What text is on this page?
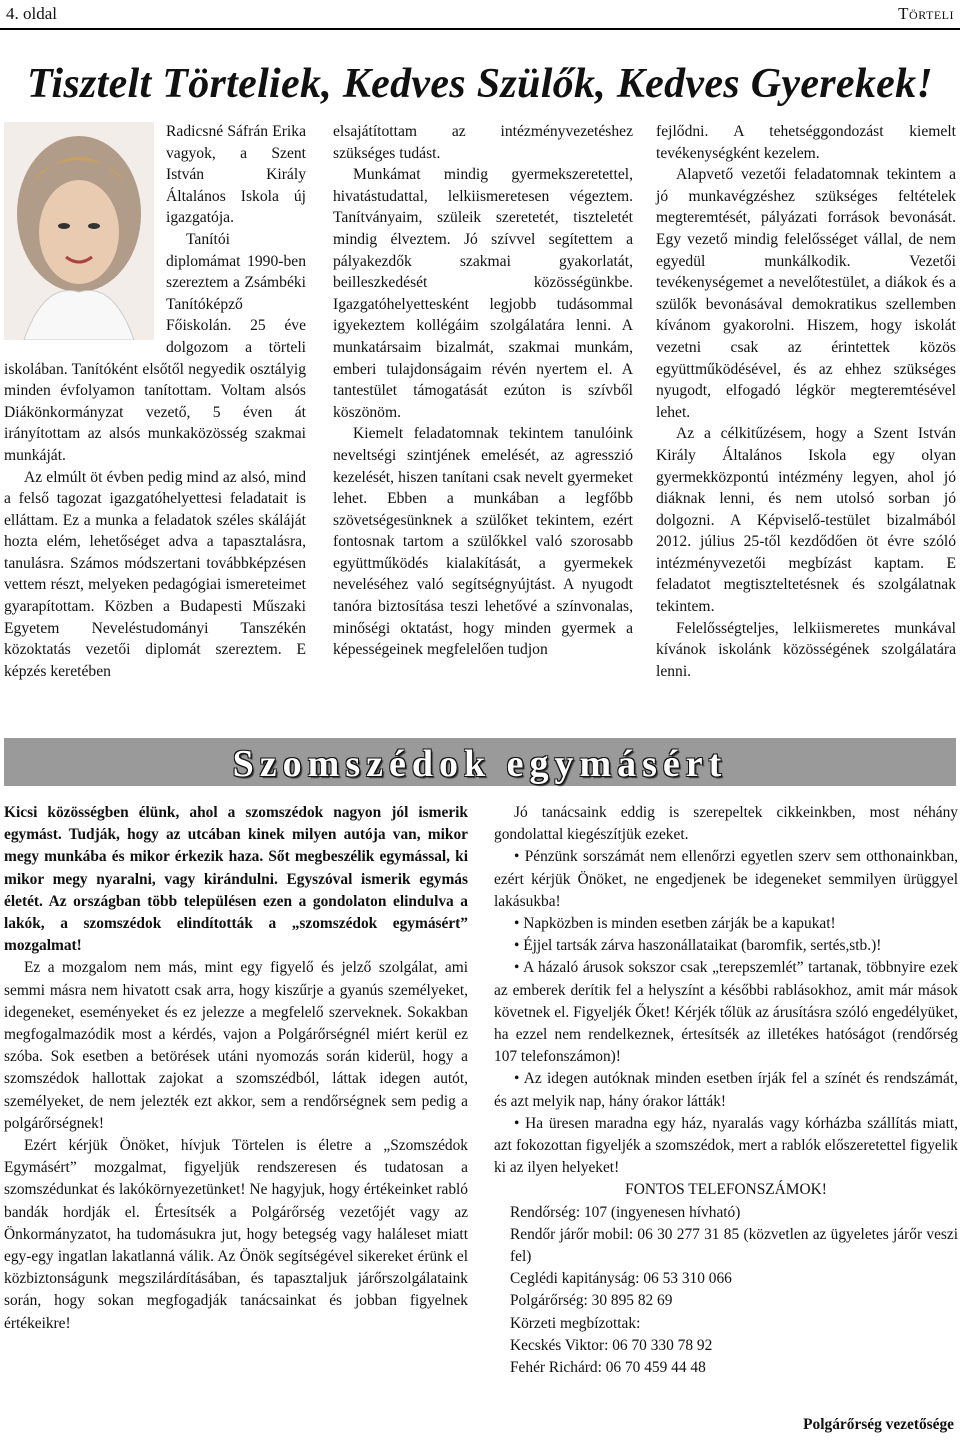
4. oldal	Törteli
Tisztelt Törteliek, Kedves Szülők, Kedves Gyerekek!

Radicsné Sáfrán Erika vagyok, a Szent István Király Általános Iskola új igazgatója.

Tanítói diplomámat 1990-ben szereztem a Zsámbéki Tanítóképző Főiskolán. 25 éve dolgozom a törteli iskolában. Tanítóként elsőtől negyedik osztályig minden évfolyamon tanítottam. Voltam alsós Diákönkormányzat vezető, 5 éven át irányítottam az alsós munkaközösség szakmai munkáját.

Az elmúlt öt évben pedig mind az alsó, mind a felső tagozat igazgatóhelyettesi feladatait is elláttam. Ez a munka a feladatok széles skáláját hozta elém, lehetőséget adva a tapasztalásra, tanulásra. Számos módszertani továbbképzésen vettem részt, melyeken pedagógiai ismereteimet gyarapítottam. Közben a Budapesti Műszaki Egyetem Neveléstudományi Tanszékén közoktatás vezetői diplomát szereztem. E képzés keretében

elsajátítottam az intézményvezetéshez szükséges tudást.

Munkámat mindig gyermekszeretettel, hivatástudattal, lelkiismeretesen végeztem. Tanítványaim, szüleik szeretetét, tiszteletét mindig élveztem. Jó szívvel segítettem a pályakezdők szakmai gyakorlatát, beilleszkedését közösségünkbe. Igazgatóhelyettesként legjobb tudásommal igyekeztem kollégáim szolgálatára lenni. A munkatársaim bizalmát, szakmai munkám, emberi tulajdonságaim révén nyertem el. A tantestület támogatását ezúton is szívből köszönöm.

Kiemelt feladatomnak tekintem tanulóink neveltségi szintjének emelését, az agresszió kezelését, hiszen tanítani csak nevelt gyermeket lehet. Ebben a munkában a legfőbb szövetségesünknek a szülőket tekintem, ezért fontosnak tartom a szülőkkel való szorosabb együttműködés kialakítását, a gyermekek neveléséhez való segítségnyújtást. A nyugodt tanóra biztosítása teszi lehetővé a színvonalas, minőségi oktatást, hogy minden gyermek a képességeinek megfelelően tudjon

fejlődni. A tehetséggondozást kiemelt tevékenységként kezelem.

Alapvető vezetői feladatomnak tekintem a jó munkavégzéshez szükséges feltételek megteremtését, pályázati források bevonását. Egy vezető mindig felelősséget vállal, de nem egyedül munkálkodik. Vezetői tevékenységemet a nevelőtestület, a diákok és a szülők bevonásával demokratikus szellemben kívánom gyakorolni. Hiszem, hogy iskolát vezetni csak az érintettek közös együttműködésével, és az ehhez szükséges nyugodt, elfogadó légkör megteremtésével lehet.

Az a célkitűzésem, hogy a Szent István Király Általános Iskola egy olyan gyermekközpontú intézmény legyen, ahol jó diáknak lenni, és nem utolsó sorban jó dolgozni. A Képviselő-testület bizalmából 2012. július 25-től kezdődően öt évre szóló intézményvezetői megbízást kaptam. E feladatot megtiszteltetésnek és szolgálatnak tekintem.

Felelősségteljes, lelkiismeretes munkával kívánok iskolánk közösségének szolgálatára lenni.

Szomszédok egymásért

Kicsi közösségben élünk, ahol a szomszédok nagyon jól ismerik egymást. Tudják, hogy az utcában kinek milyen autója van, mikor megy munkába és mikor érkezik haza. Sőt megbeszélik egymással, ki mikor megy nyaralni, vagy kirándulni. Egyszóval ismerik egymás életét. Az országban több településen ezen a gondolaton elindulva a lakók, a szomszédok elindították a „szomszédok egymásért” mozgalmat!

Ez a mozgalom nem más, mint egy figyelő és jelző szolgálat, ami semmi másra nem hivatott csak arra, hogy kiszűrje a gyanús személyeket, idegeneket, eseményeket és ez jelezze a megfelelő szerveknek. Sokakban megfogalmazódik most a kérdés, vajon a Polgárőrségnél miért kerül ez szóba. Sok esetben a betörések utáni nyomozás során kiderül, hogy a szomszédok hallottak zajokat a szomszédból, láttak idegen autót, személyeket, de nem jelezték ezt akkor, sem a rendőrségnek sem pedig a polgárőrségnek!

Ezért kérjük Önöket, hívjuk Törtelen is életre a „Szomszédok Egymásért” mozgalmat, figyeljük rendszeresen és tudatosan a szomszédunkat és lakókörnyezetünket! Ne hagyjuk, hogy értékeinket rabló bandák hordják el. Értesítsék a Polgárőrség vezetőjét vagy az Önkormányzatot, ha tudomásukra jut, hogy betegség vagy haláleset miatt egy-egy ingatlan lakatlanná válik. Az Önök segítségével sikereket érünk el közbiztonságunk megszilárdításában, és tapasztaljuk járőrszolgálataink során, hogy sokan megfogadják tanácsainkat és jobban figyelnek értékeikre!

Jó tanácsaink eddig is szerepeltek cikkeinkben, most néhány gondolattal kiegészítjük ezeket.

• Pénzünk sorszámát nem ellenőrzi egyetlen szerv sem otthonainkban, ezért kérjük Önöket, ne engedjenek be idegeneket semmilyen ürüggyel lakásukba!

• Napközben is minden esetben zárják be a kapukat!

• Éjjel tartsák zárva haszonállataikat (baromfik, sertés,stb.)!

• A házaló árusok sokszor csak „terepszemlét” tartanak, többnyire ezek az emberek derítik fel a helyszínt a későbbi rablásokhoz, amit már mások követnek el. Figyeljék Őket! Kérjék tőlük az árusításra szóló engedélyüket, ha ezzel nem rendelkeznek, értesítsék az illetékes hatóságot (rendőrség 107 telefonszámon)!

• Az idegen autóknak minden esetben írják fel a színét és rendszámát, és azt melyik nap, hány órakor látták!

• Ha üresen maradna egy ház, nyaralás vagy kórházba szállítás miatt, azt fokozottan figyeljék a szomszédok, mert a rablók előszeretettel figyelik ki az ilyen helyeket!

FONTOS TELEFONSZÁMOK!

Rendőrség: 107 (ingyenesen hívható)

Rendőr járőr mobil: 06 30 277 31 85 (közvetlen az ügyeletes járőr veszi fel)

Ceglédi kapitányság: 06 53 310 066

Polgárőrség: 30 895 82 69

Körzeti megbízottak:

Kecskés Viktor: 06 70 330 78 92

Fehér Richárd: 06 70 459 44 48

Polgárőrség vezetősége
